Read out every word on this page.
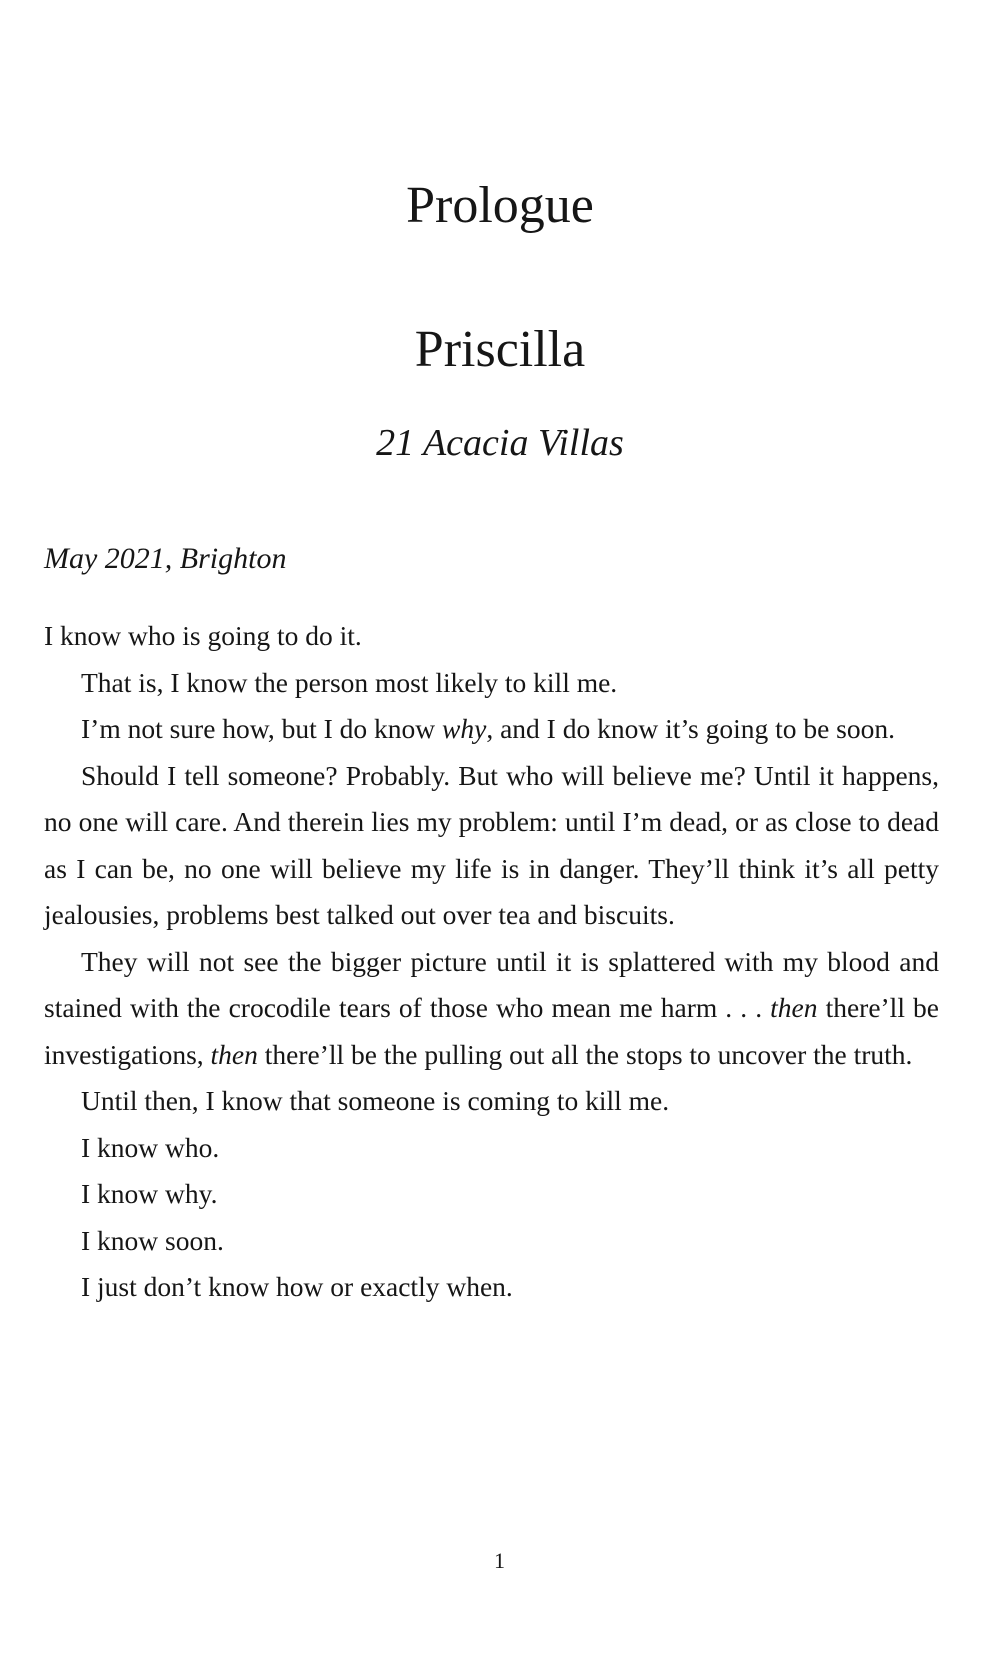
Prologue
Priscilla
21 Acacia Villas
May 2021, Brighton

I know who is going to do it.

That is, I know the person most likely to kill me.

I’m not sure how, but I do know why, and I do know it’s going to be soon.

Should I tell someone? Probably. But who will believe me? Until it happens, no one will care. And therein lies my problem: until I’m dead, or as close to dead as I can be, no one will believe my life is in danger. They’ll think it’s all petty jealousies, problems best talked out over tea and biscuits.

They will not see the bigger picture until it is splattered with my blood and stained with the crocodile tears of those who mean me harm . . . then there’ll be investigations, then there’ll be the pulling out all the stops to uncover the truth.

Until then, I know that someone is coming to kill me.

I know who.

I know why.

I know soon.

I just don’t know how or exactly when.

1
